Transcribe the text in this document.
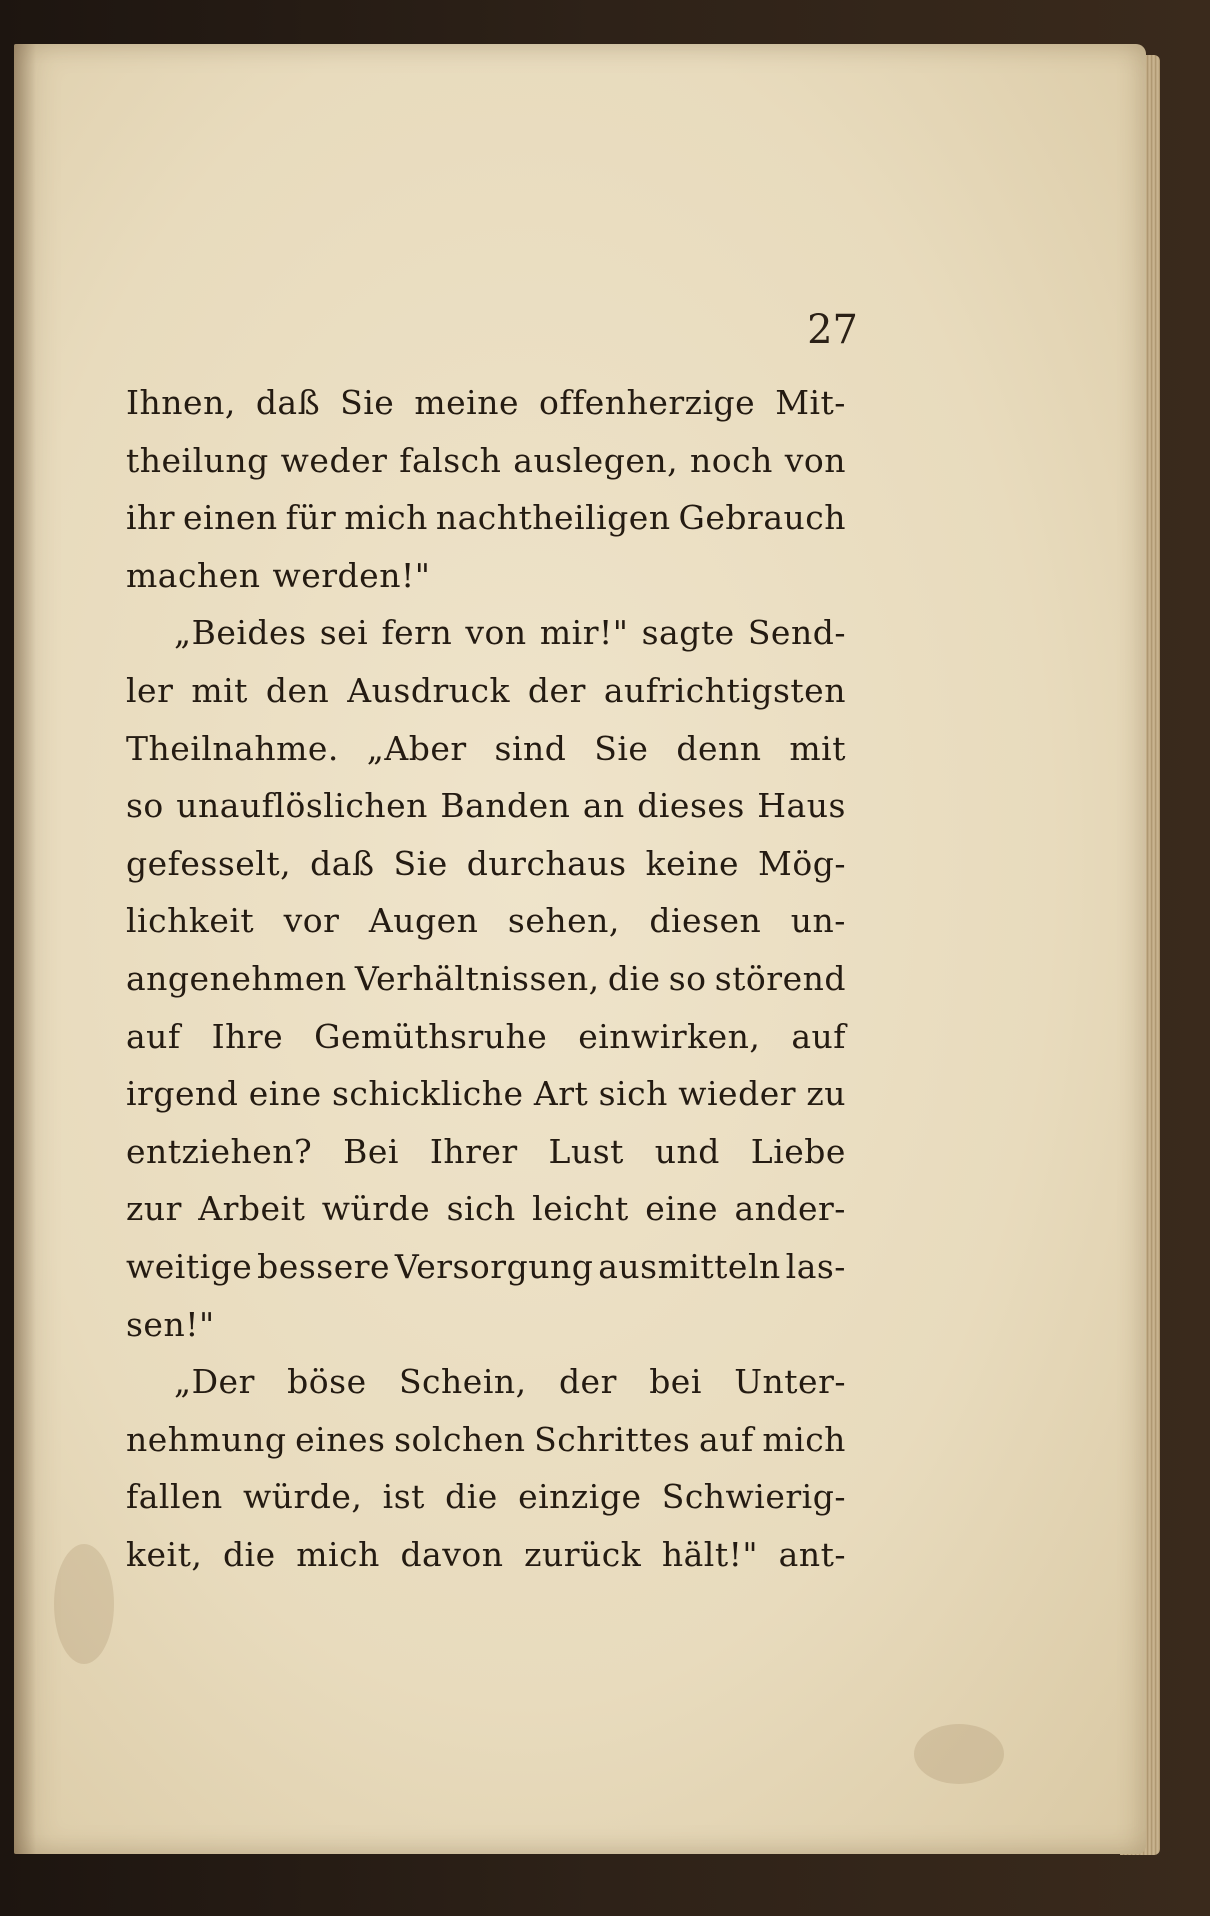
27
Ihnen, daß Sie meine offenherzige Mit-
theilung weder falsch auslegen, noch von
ihr einen für mich nachtheiligen Gebrauch
machen werden!"
„Beides sei fern von mir!" sagte Send-
ler mit den Ausdruck der aufrichtigsten
Theilnahme. „Aber sind Sie denn mit
so unauflöslichen Banden an dieses Haus
gefesselt, daß Sie durchaus keine Mög-
lichkeit vor Augen sehen, diesen un-
angenehmen Verhältnissen, die so störend
auf Ihre Gemüthsruhe einwirken, auf
irgend eine schickliche Art sich wieder zu
entziehen? Bei Ihrer Lust und Liebe
zur Arbeit würde sich leicht eine ander-
weitige bessere Versorgung ausmitteln las-
sen!"
„Der böse Schein, der bei Unter-
nehmung eines solchen Schrittes auf mich
fallen würde, ist die einzige Schwierig-
keit, die mich davon zurück hält!" ant-
